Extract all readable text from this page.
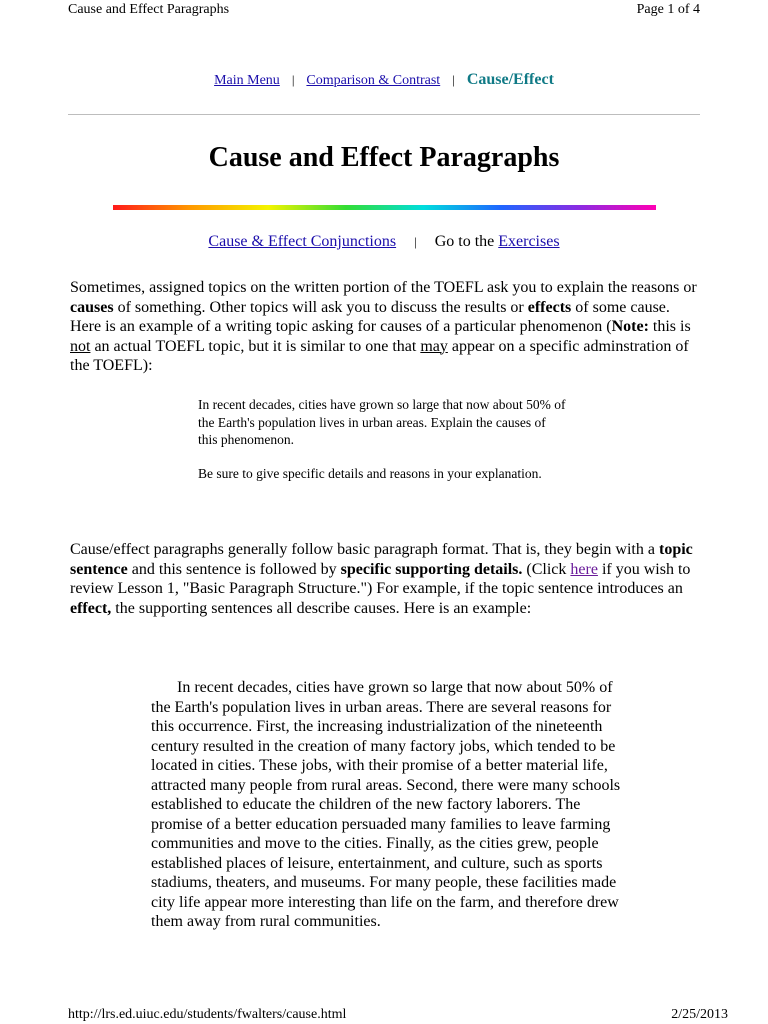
Cause and Effect Paragraphs	Page 1 of 4
Main Menu | Comparison & Contrast | Cause/Effect
Cause and Effect Paragraphs
Cause & Effect Conjunctions | Go to the Exercises
Sometimes, assigned topics on the written portion of the TOEFL ask you to explain the reasons or causes of something. Other topics will ask you to discuss the results or effects of some cause. Here is an example of a writing topic asking for causes of a particular phenomenon (Note: this is not an actual TOEFL topic, but it is similar to one that may appear on a specific adminstration of the TOEFL):
In recent decades, cities have grown so large that now about 50% of the Earth's population lives in urban areas. Explain the causes of this phenomenon.
Be sure to give specific details and reasons in your explanation.
Cause/effect paragraphs generally follow basic paragraph format. That is, they begin with a topic sentence and this sentence is followed by specific supporting details. (Click here if you wish to review Lesson 1, "Basic Paragraph Structure.") For example, if the topic sentence introduces an effect, the supporting sentences all describe causes. Here is an example:
In recent decades, cities have grown so large that now about 50% of the Earth's population lives in urban areas. There are several reasons for this occurrence. First, the increasing industrialization of the nineteenth century resulted in the creation of many factory jobs, which tended to be located in cities. These jobs, with their promise of a better material life, attracted many people from rural areas. Second, there were many schools established to educate the children of the new factory laborers. The promise of a better education persuaded many families to leave farming communities and move to the cities. Finally, as the cities grew, people established places of leisure, entertainment, and culture, such as sports stadiums, theaters, and museums. For many people, these facilities made city life appear more interesting than life on the farm, and therefore drew them away from rural communities.
http://lrs.ed.uiuc.edu/students/fwalters/cause.html	2/25/2013
